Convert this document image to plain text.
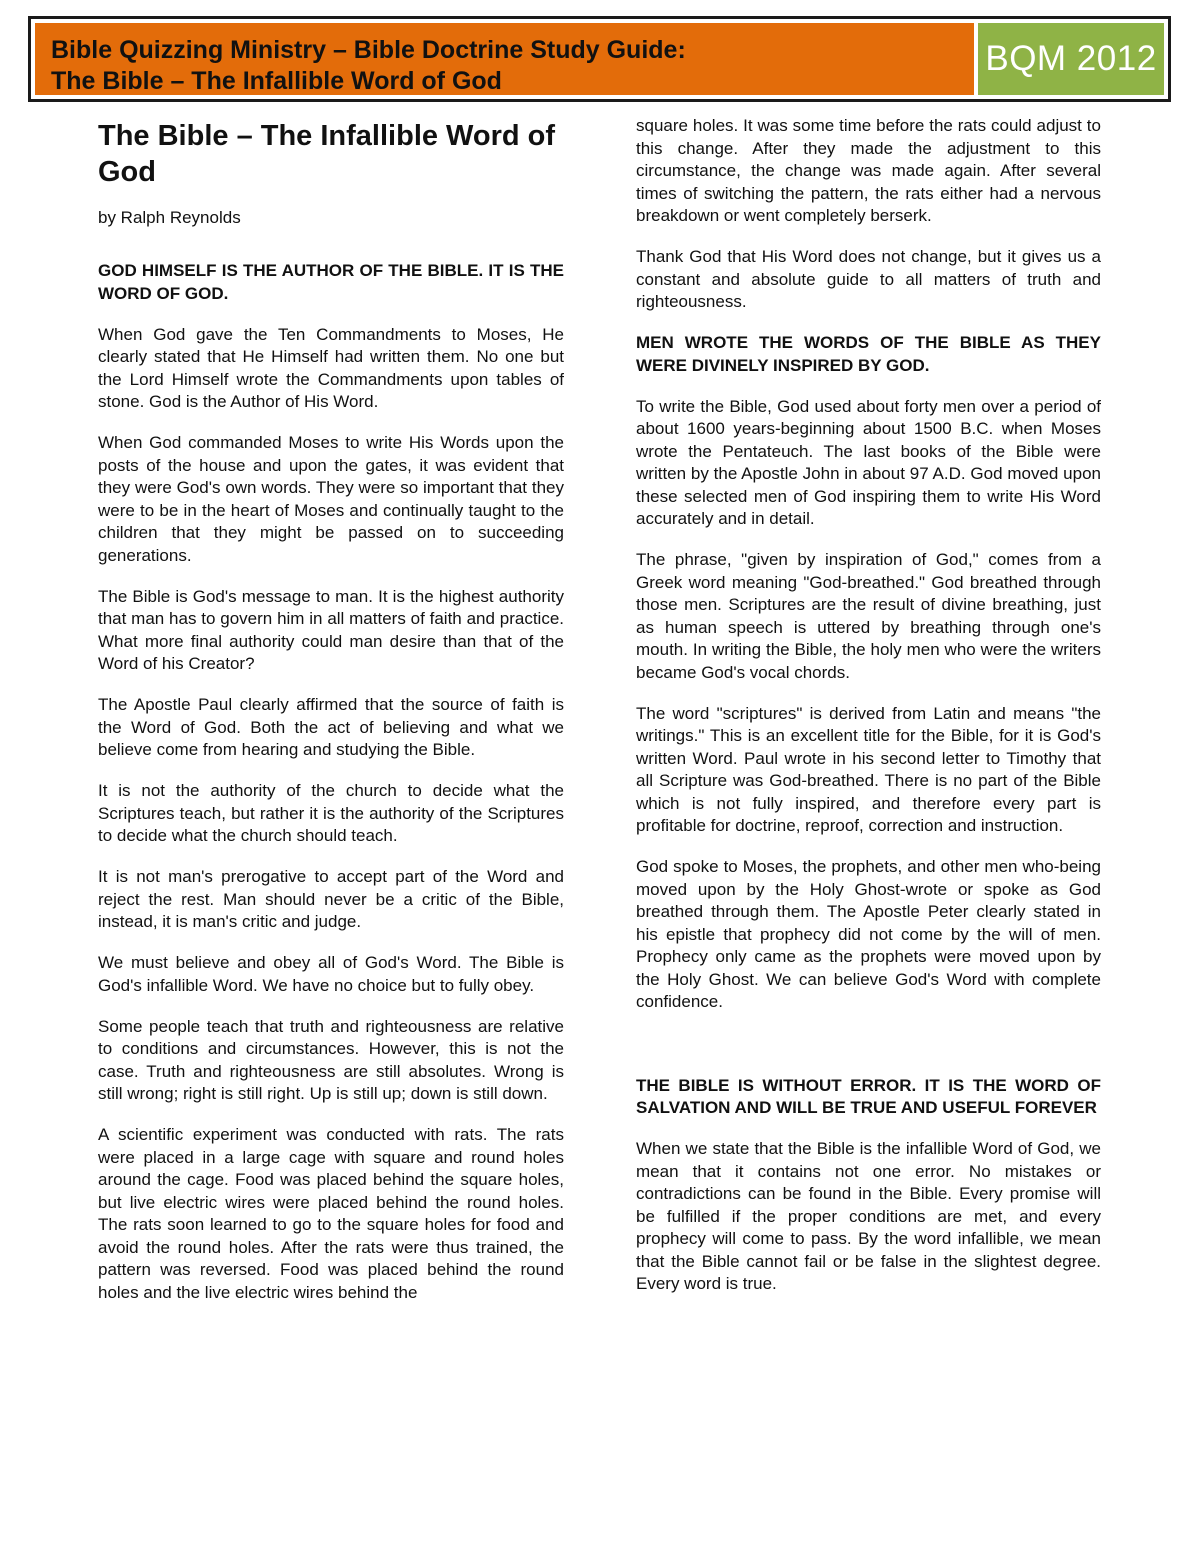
Bible Quizzing Ministry – Bible Doctrine Study Guide:
The Bible – The Infallible Word of God
BQM 2012
The Bible – The Infallible Word of God
by Ralph Reynolds

GOD HIMSELF IS THE AUTHOR OF THE BIBLE. IT IS THE WORD OF GOD.

When God gave the Ten Commandments to Moses, He clearly stated that He Himself had written them. No one but the Lord Himself wrote the Commandments upon tables of stone. God is the Author of His Word.

When God commanded Moses to write His Words upon the posts of the house and upon the gates, it was evident that they were God's own words. They were so important that they were to be in the heart of Moses and continually taught to the children that they might be passed on to succeeding generations.

The Bible is God's message to man. It is the highest authority that man has to govern him in all matters of faith and practice. What more final authority could man desire than that of the Word of his Creator?

The Apostle Paul clearly affirmed that the source of faith is the Word of God. Both the act of believing and what we believe come from hearing and studying the Bible.

It is not the authority of the church to decide what the Scriptures teach, but rather it is the authority of the Scriptures to decide what the church should teach.

It is not man's prerogative to accept part of the Word and reject the rest. Man should never be a critic of the Bible, instead, it is man's critic and judge.

We must believe and obey all of God's Word. The Bible is God's infallible Word. We have no choice but to fully obey.

Some people teach that truth and righteousness are relative to conditions and circumstances. However, this is not the case. Truth and righteousness are still absolutes. Wrong is still wrong; right is still right. Up is still up; down is still down.

A scientific experiment was conducted with rats. The rats were placed in a large cage with square and round holes around the cage. Food was placed behind the square holes, but live electric wires were placed behind the round holes. The rats soon learned to go to the square holes for food and avoid the round holes. After the rats were thus trained, the pattern was reversed. Food was placed behind the round holes and the live electric wires behind the

square holes. It was some time before the rats could adjust to this change. After they made the adjustment to this circumstance, the change was made again. After several times of switching the pattern, the rats either had a nervous breakdown or went completely berserk.

Thank God that His Word does not change, but it gives us a constant and absolute guide to all matters of truth and righteousness.

MEN WROTE THE WORDS OF THE BIBLE AS THEY WERE DIVINELY INSPIRED BY GOD.

To write the Bible, God used about forty men over a period of about 1600 years-beginning about 1500 B.C. when Moses wrote the Pentateuch. The last books of the Bible were written by the Apostle John in about 97 A.D. God moved upon these selected men of God inspiring them to write His Word accurately and in detail.

The phrase, "given by inspiration of God," comes from a Greek word meaning "God-breathed." God breathed through those men. Scriptures are the result of divine breathing, just as human speech is uttered by breathing through one's mouth. In writing the Bible, the holy men who were the writers became God's vocal chords.

The word "scriptures" is derived from Latin and means "the writings." This is an excellent title for the Bible, for it is God's written Word. Paul wrote in his second letter to Timothy that all Scripture was God-breathed. There is no part of the Bible which is not fully inspired, and therefore every part is profitable for doctrine, reproof, correction and instruction.

God spoke to Moses, the prophets, and other men who-being moved upon by the Holy Ghost-wrote or spoke as God breathed through them. The Apostle Peter clearly stated in his epistle that prophecy did not come by the will of men. Prophecy only came as the prophets were moved upon by the Holy Ghost. We can believe God's Word with complete confidence.

THE BIBLE IS WITHOUT ERROR. IT IS THE WORD OF SALVATION AND WILL BE TRUE AND USEFUL FOREVER

When we state that the Bible is the infallible Word of God, we mean that it contains not one error. No mistakes or contradictions can be found in the Bible. Every promise will be fulfilled if the proper conditions are met, and every prophecy will come to pass. By the word infallible, we mean that the Bible cannot fail or be false in the slightest degree. Every word is true.
